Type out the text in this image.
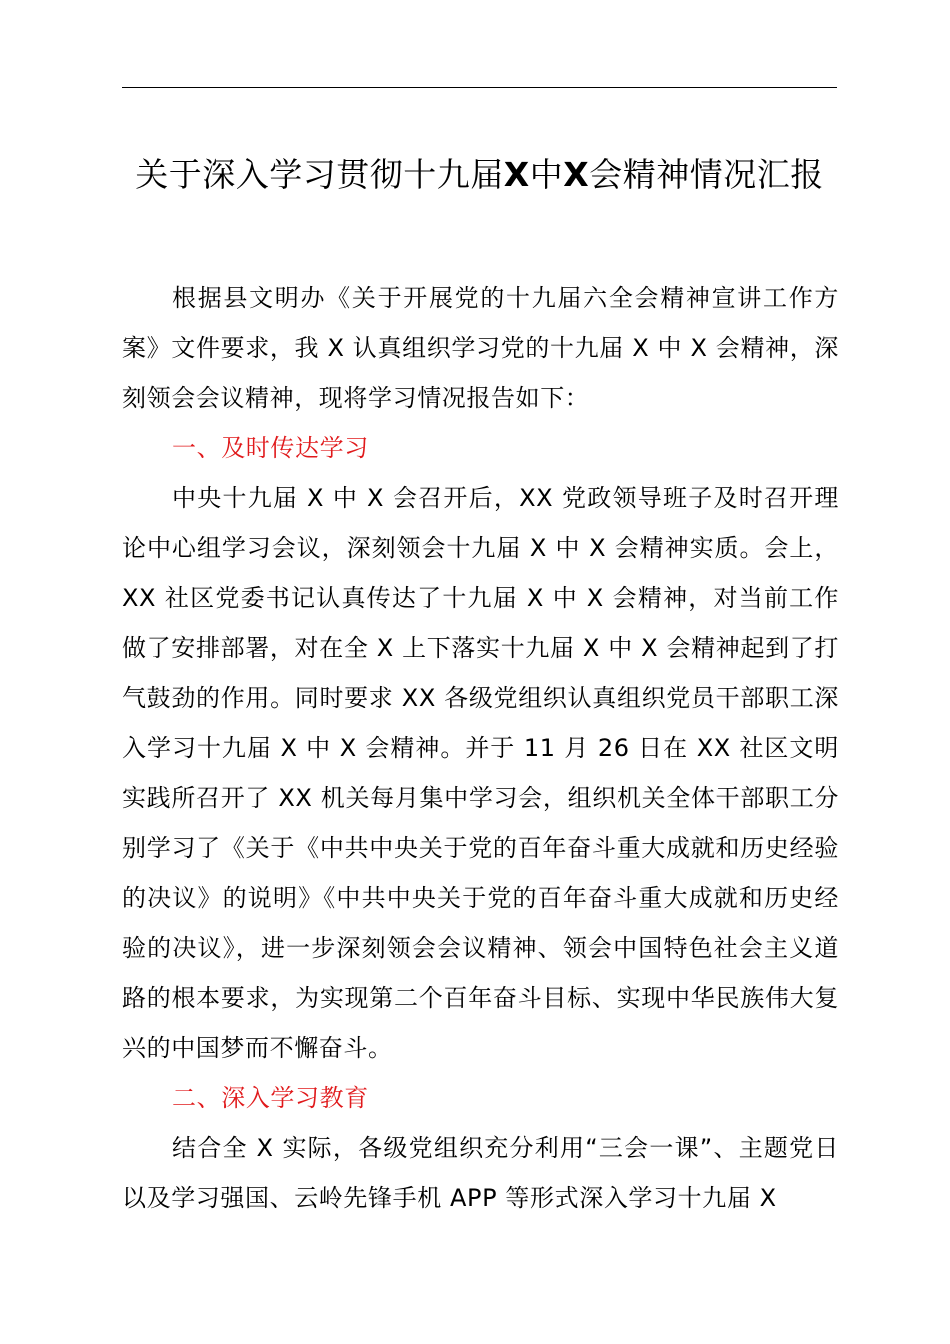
关于深入学习贯彻十九届X中X会精神情况汇报

根据县文明办《关于开展党的十九届六全会精神宣讲工作方案》文件要求，我 X 认真组织学习党的十九届 X 中 X 会精神，深刻领会会议精神，现将学习情况报告如下：

一、及时传达学习

中央十九届 X 中 X 会召开后，XX 党政领导班子及时召开理论中心组学习会议，深刻领会十九届 X 中 X 会精神实质。会上，XX 社区党委书记认真传达了十九届 X 中 X 会精神，对当前工作做了安排部署，对在全 X 上下落实十九届 X 中 X 会精神起到了打气鼓劲的作用。同时要求 XX 各级党组织认真组织党员干部职工深入学习十九届 X 中 X 会精神。并于 11 月 26 日在 XX 社区文明实践所召开了 XX 机关每月集中学习会，组织机关全体干部职工分别学习了《关于《中共中央关于党的百年奋斗重大成就和历史经验的决议》的说明》《中共中央关于党的百年奋斗重大成就和历史经验的决议》，进一步深刻领会会议精神、领会中国特色社会主义道路的根本要求，为实现第二个百年奋斗目标、实现中华民族伟大复兴的中国梦而不懈奋斗。

二、深入学习教育

结合全 X 实际，各级党组织充分利用“三会一课”、主题党日以及学习强国、云岭先锋手机 APP 等形式深入学习十九届 X
